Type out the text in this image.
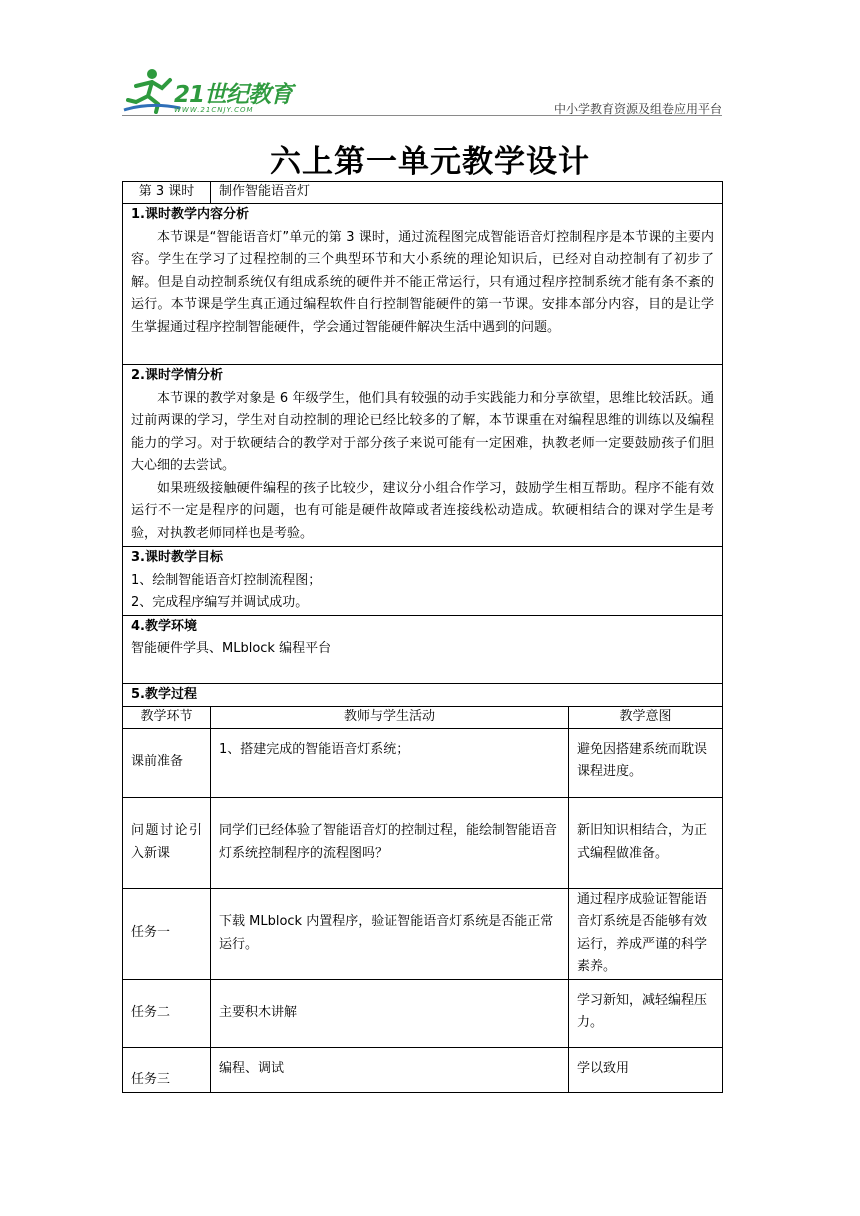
21世纪教育
WWW.21CNJY.COM	中小学教育资源及组卷应用平台
六上第一单元教学设计
第 3 课时	制作智能语音灯	

1.课时教学内容分析
本节课是“智能语音灯”单元的第 3 课时，通过流程图完成智能语音灯控制程序是本节课的主要内容。学生在学习了过程控制的三个典型环节和大小系统的理论知识后，已经对自动控制有了初步了解。但是自动控制系统仅有组成系统的硬件并不能正常运行，只有通过程序控制系统才能有条不紊的运行。本节课是学生真正通过编程软件自行控制智能硬件的第一节课。安排本部分内容，目的是让学生掌握通过程序控制智能硬件，学会通过智能硬件解决生活中遇到的问题。		

2.课时学情分析
本节课的教学对象是 6 年级学生，他们具有较强的动手实践能力和分享欲望，思维比较活跃。通过前两课的学习，学生对自动控制的理论已经比较多的了解，本节课重在对编程思维的训练以及编程能力的学习。对于软硬结合的教学对于部分孩子来说可能有一定困难，执教老师一定要鼓励孩子们胆大心细的去尝试。
如果班级接触硬件编程的孩子比较少，建议分小组合作学习，鼓励学生相互帮助。程序不能有效运行不一定是程序的问题，也有可能是硬件故障或者连接线松动造成。软硬相结合的课对学生是考验，对执教老师同样也是考验。		

3.课时教学目标
1、绘制智能语音灯控制流程图；
2、完成程序编写并调试成功。		

4.教学环境
智能硬件学具、MLblock 编程平台		

5.教学过程		
教学环节	教师与学生活动	教学意图
课前准备	1、搭建完成的智能语音灯系统；	避免因搭建系统而耽误课程进度。
问题讨论引入新课	同学们已经体验了智能语音灯的控制过程，能绘制智能语音灯系统控制程序的流程图吗？	新旧知识相结合，为正式编程做准备。
任务一	下载 MLblock 内置程序，验证智能语音灯系统是否能正常运行。	通过程序成验证智能语音灯系统是否能够有效运行，养成严谨的科学素养。
任务二	主要积木讲解	学习新知，减轻编程压力。
任务三	编程、调试	学以致用
